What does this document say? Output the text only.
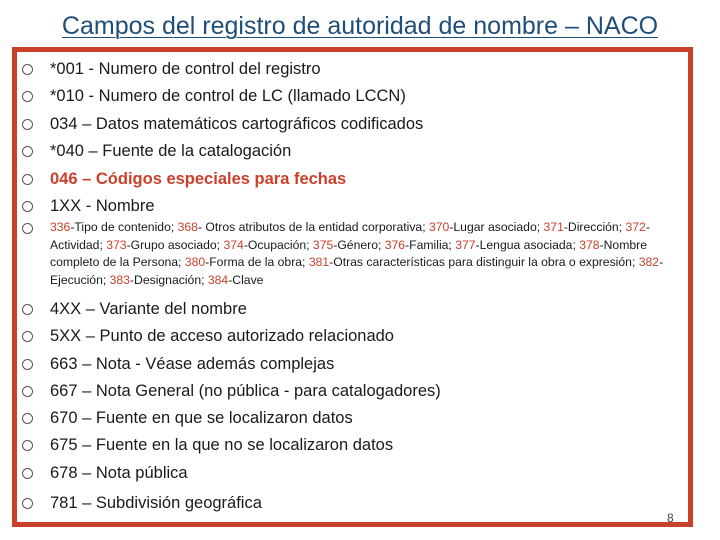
Campos del registro de autoridad de nombre – NACO
*001 - Numero de control del registro
*010 - Numero de control de LC (llamado LCCN)
034 – Datos matemáticos cartográficos codificados
*040 – Fuente de la catalogación
046 – Códigos especiales para fechas
1XX - Nombre
336-Tipo de contenido; 368- Otros atributos de la entidad corporativa; 370-Lugar asociado; 371-Dirección; 372-Actividad; 373-Grupo asociado; 374-Ocupación; 375-Género; 376-Familia; 377-Lengua asociada; 378-Nombre completo de la Persona; 380-Forma de la obra; 381-Otras características para distinguir la obra o expresión; 382-Ejecución; 383-Designación; 384-Clave
4XX – Variante del nombre
5XX – Punto de acceso autorizado relacionado
663 – Nota - Véase además complejas
667 – Nota General (no pública - para catalogadores)
670 – Fuente en que se localizaron datos
675 – Fuente en la que no se localizaron datos
678 – Nota pública
781 – Subdivisión geográfica
8
